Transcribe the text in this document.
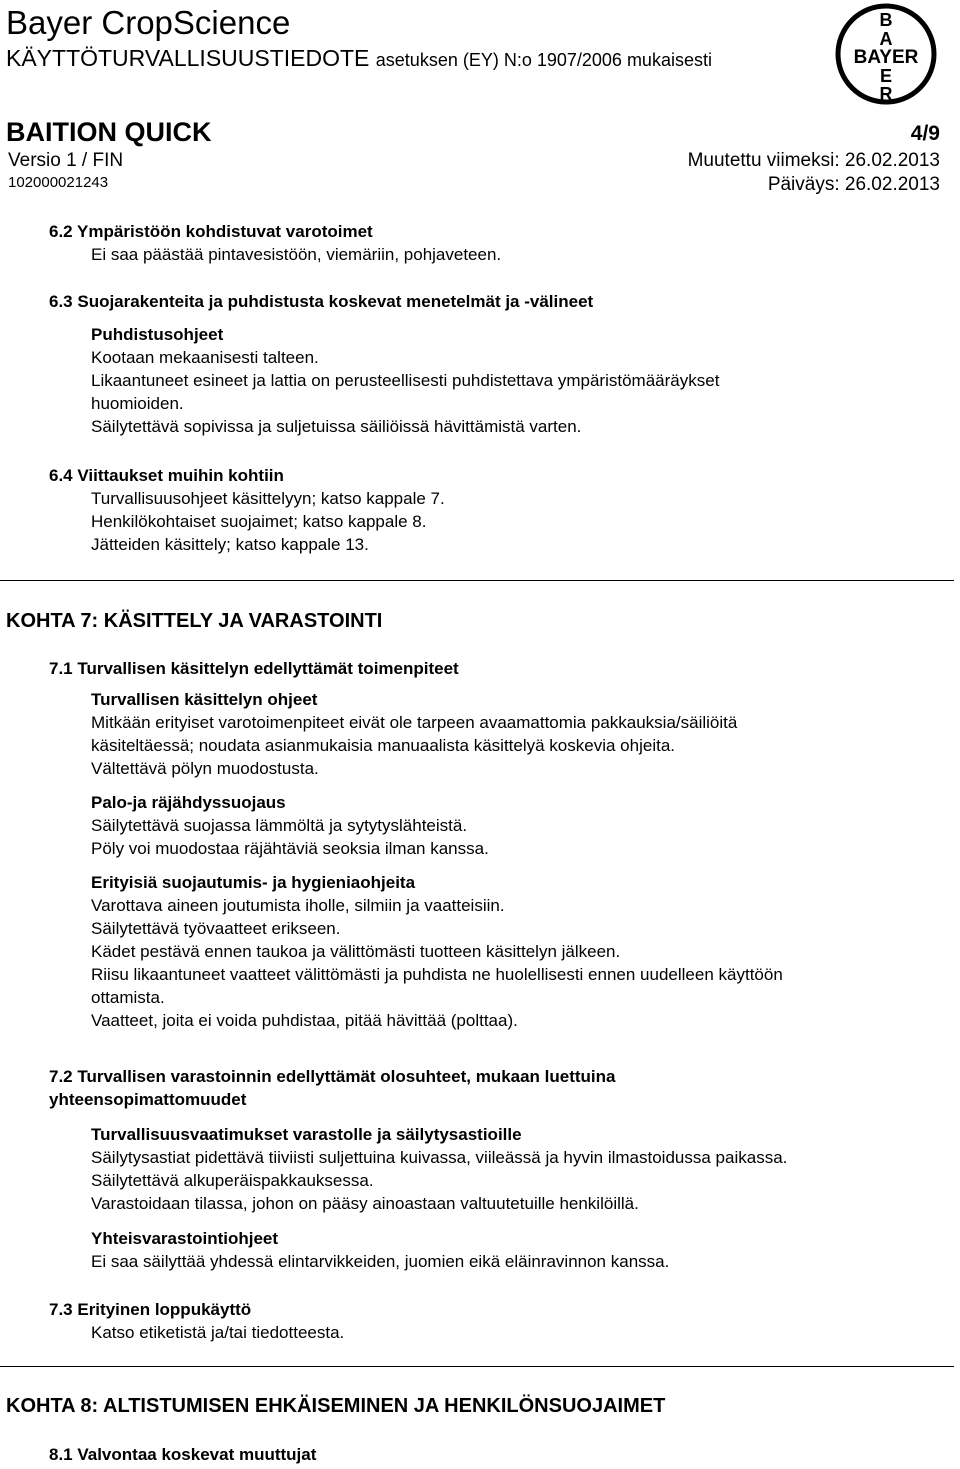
Bayer CropScience
KÄYTTÖTURVALLISUUSTIEDOTE asetuksen (EY) N:o 1907/2006 mukaisesti
B
A
BAYER
E
R
BAITION QUICK	4/9
Versio 1 / FIN	Muutettu viimeksi: 26.02.2013
102000021243	Päiväys: 26.02.2013
6.2 Ympäristöön kohdistuvat varotoimet
Ei saa päästää pintavesistöön, viemäriin, pohjaveteen.
6.3 Suojarakenteita ja puhdistusta koskevat menetelmät ja -välineet
Puhdistusohjeet
Kootaan mekaanisesti talteen.
Likaantuneet esineet ja lattia on perusteellisesti puhdistettava ympäristömääräykset
huomioiden.
Säilytettävä sopivissa ja suljetuissa säiliöissä hävittämistä varten.
6.4 Viittaukset muihin kohtiin
Turvallisuusohjeet käsittelyyn; katso kappale 7.
Henkilökohtaiset suojaimet; katso kappale 8.
Jätteiden käsittely; katso kappale 13.
KOHTA 7: KÄSITTELY JA VARASTOINTI
7.1 Turvallisen käsittelyn edellyttämät toimenpiteet
Turvallisen käsittelyn ohjeet
Mitkään erityiset varotoimenpiteet eivät ole tarpeen avaamattomia pakkauksia/säiliöitä
käsiteltäessä; noudata asianmukaisia manuaalista käsittelyä koskevia ohjeita.
Vältettävä pölyn muodostusta.
Palo-ja räjähdyssuojaus
Säilytettävä suojassa lämmöltä ja sytytyslähteistä.
Pöly voi muodostaa räjähtäviä seoksia ilman kanssa.
Erityisiä suojautumis- ja hygieniaohjeita
Varottava aineen joutumista iholle, silmiin ja vaatteisiin.
Säilytettävä työvaatteet erikseen.
Kädet pestävä ennen taukoa ja välittömästi tuotteen käsittelyn jälkeen.
Riisu likaantuneet vaatteet välittömästi ja puhdista ne huolellisesti ennen uudelleen käyttöön
ottamista.
Vaatteet, joita ei voida puhdistaa, pitää hävittää (polttaa).
7.2 Turvallisen varastoinnin edellyttämät olosuhteet, mukaan luettuina
yhteensopimattomuudet
Turvallisuusvaatimukset varastolle ja säilytysastioille
Säilytysastiat pidettävä tiiviisti suljettuina kuivassa, viileässä ja hyvin ilmastoidussa paikassa.
Säilytettävä alkuperäispakkauksessa.
Varastoidaan tilassa, johon on pääsy ainoastaan valtuutetuille henkilöillä.
Yhteisvarastointiohjeet
Ei saa säilyttää yhdessä elintarvikkeiden, juomien eikä eläinravinnon kanssa.
7.3 Erityinen loppukäyttö
Katso etiketistä ja/tai tiedotteesta.
KOHTA 8: ALTISTUMISEN EHKÄISEMINEN JA HENKILÖNSUOJAIMET
8.1 Valvontaa koskevat muuttujat
